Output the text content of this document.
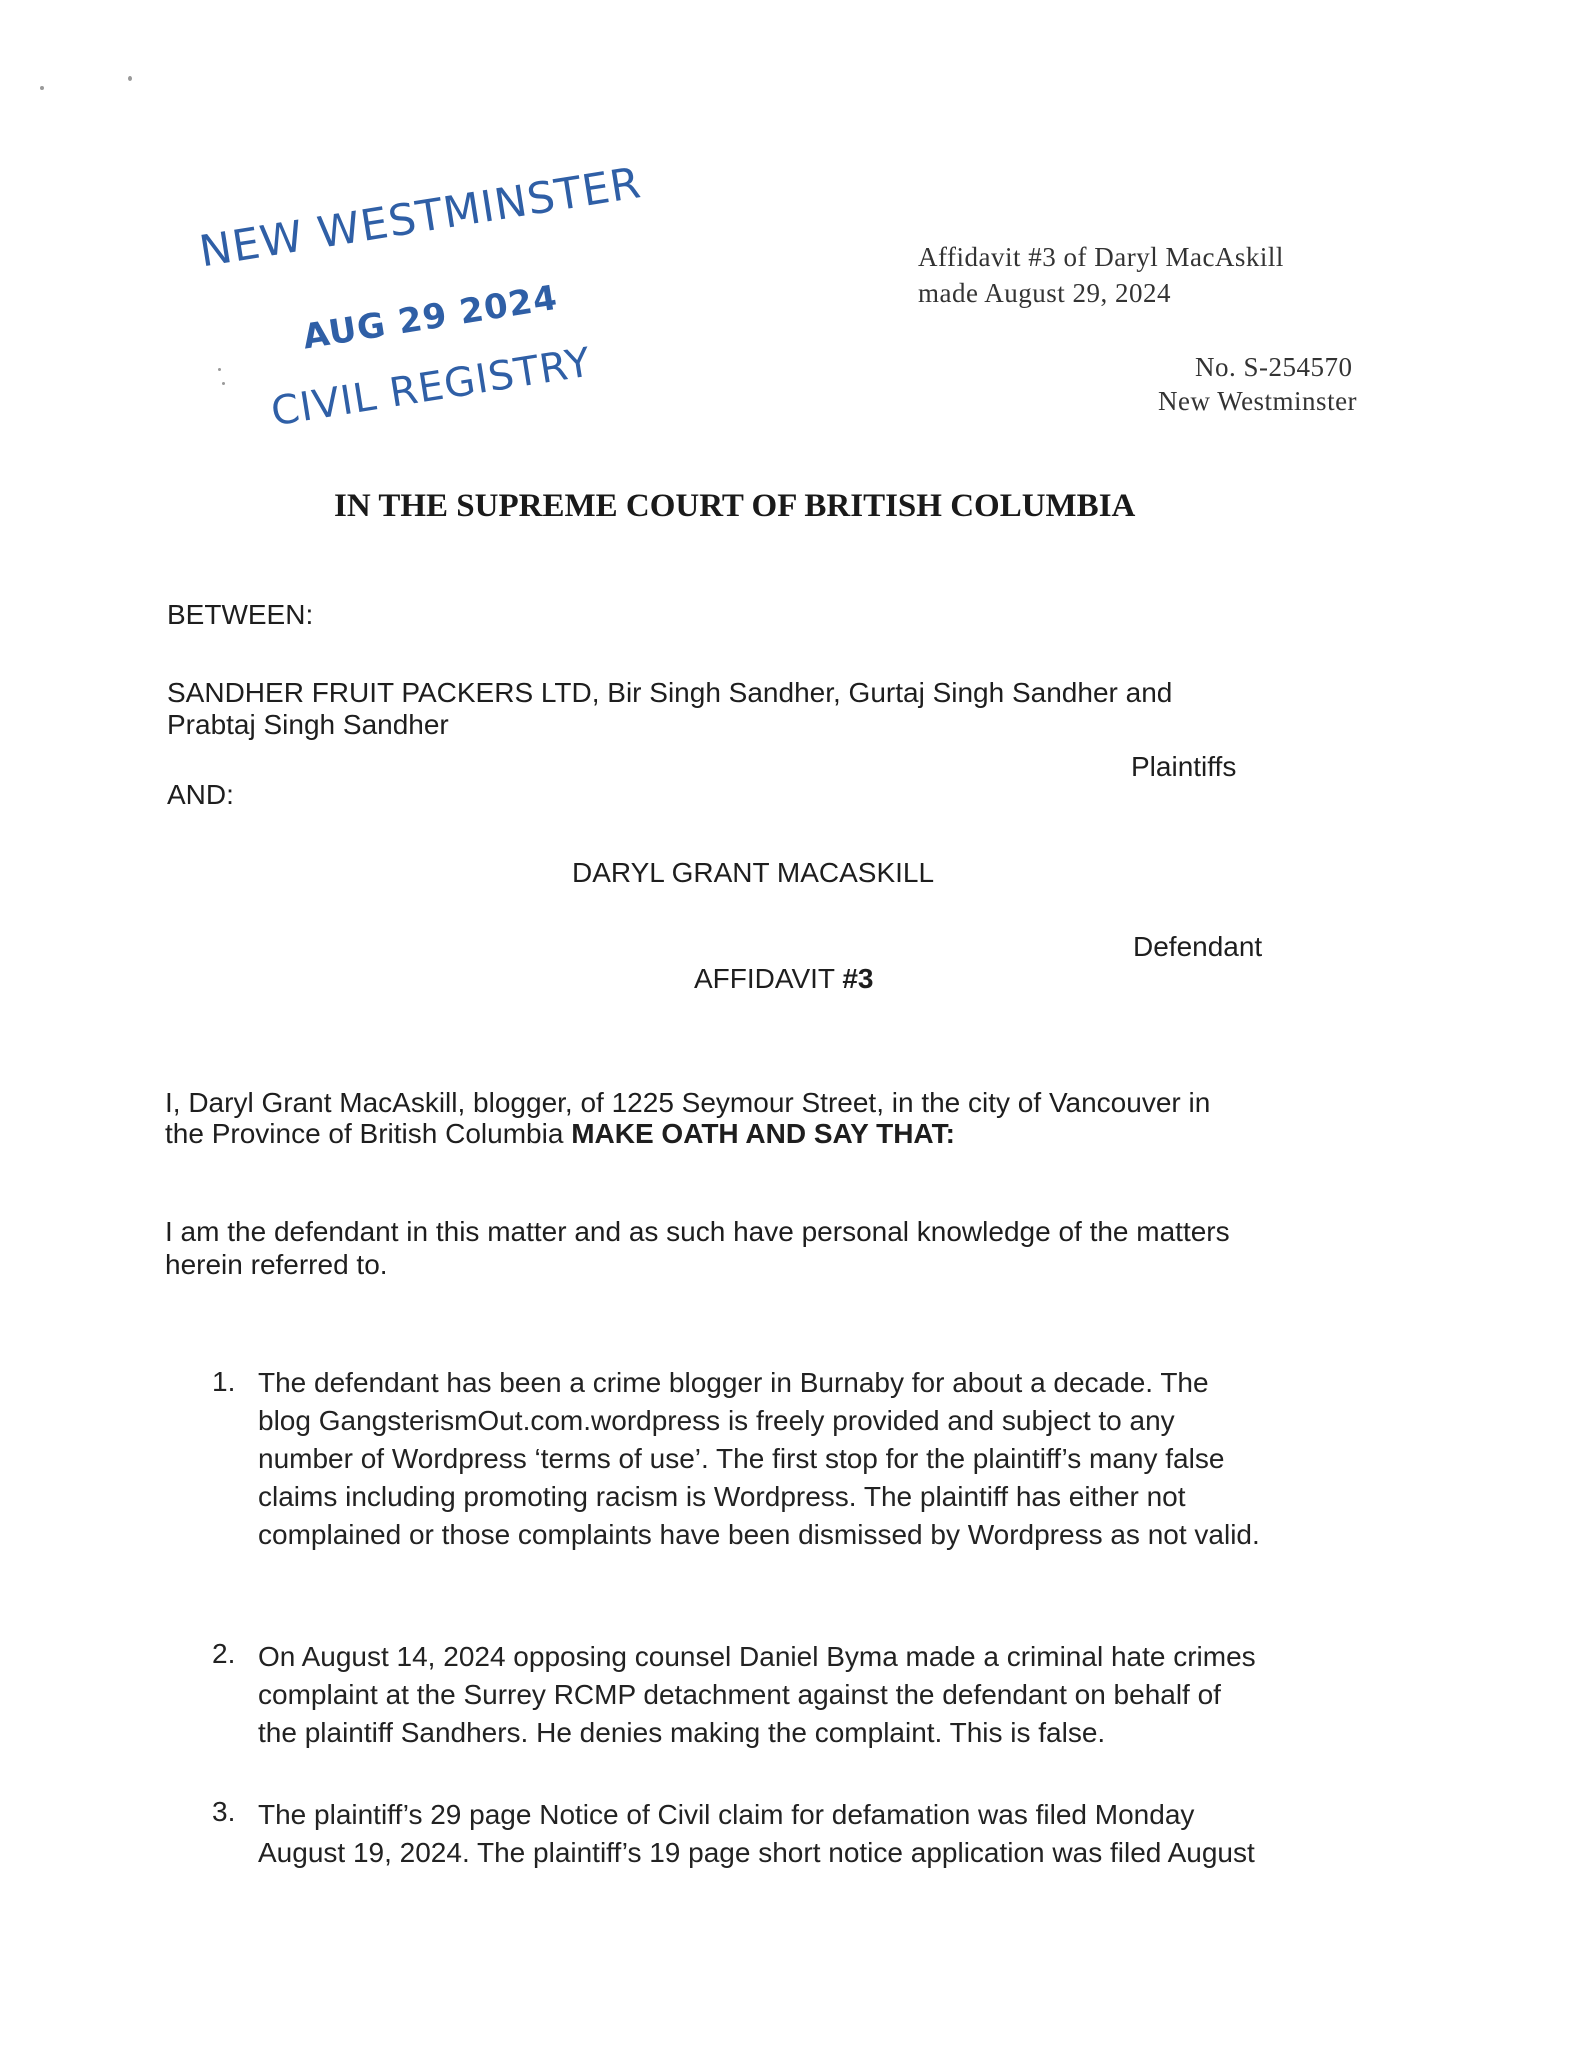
NEW WESTMINSTER
AUG 29 2024
CIVIL REGISTRY
Affidavit #3 of Daryl MacAskill
made August 29, 2024
No. S-254570
New Westminster
IN THE SUPREME COURT OF BRITISH COLUMBIA
BETWEEN:
SANDHER FRUIT PACKERS LTD, Bir Singh Sandher, Gurtaj Singh Sandher and
Prabtaj Singh Sandher
Plaintiffs
AND:
DARYL GRANT MACASKILL
Defendant
AFFIDAVIT #3
I, Daryl Grant MacAskill, blogger, of 1225 Seymour Street, in the city of Vancouver in
the Province of British Columbia MAKE OATH AND SAY THAT:
I am the defendant in this matter and as such have personal knowledge of the matters
herein referred to.
1. The defendant has been a crime blogger in Burnaby for about a decade. The
blog GangsterismOut.com.wordpress is freely provided and subject to any
number of Wordpress ‘terms of use’. The first stop for the plaintiff’s many false
claims including promoting racism is Wordpress. The plaintiff has either not
complained or those complaints have been dismissed by Wordpress as not valid.
2. On August 14, 2024 opposing counsel Daniel Byma made a criminal hate crimes
complaint at the Surrey RCMP detachment against the defendant on behalf of
the plaintiff Sandhers. He denies making the complaint. This is false.
3. The plaintiff’s 29 page Notice of Civil claim for defamation was filed Monday
August 19, 2024. The plaintiff’s 19 page short notice application was filed August
